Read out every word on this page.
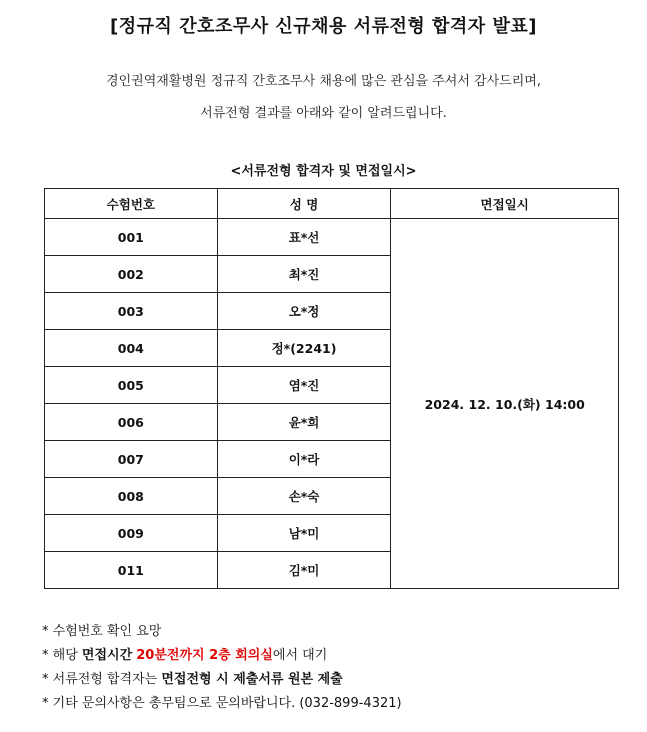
[정규직 간호조무사 신규채용 서류전형 합격자 발표]
경인권역재활병원 정규직 간호조무사 채용에 많은 관심을 주셔서 감사드리며,
서류전형 결과를 아래와 같이 알려드립니다.
<서류전형 합격자 및 면접일시>
수험번호	성 명	면접일시
001	표*선	2024. 12. 10.(화) 14:00
002	최*진	
003	오*정	
004	정*(2241)	
005	염*진	
006	윤*희	
007	이*라	
008	손*숙	
009	남*미	
011	김*미	
* 수험번호 확인 요망
* 해당 면접시간 20분전까지 2층 회의실에서 대기
* 서류전형 합격자는 면접전형 시 제출서류 원본 제출
* 기타 문의사항은 총무팀으로 문의바랍니다. (032-899-4321)
